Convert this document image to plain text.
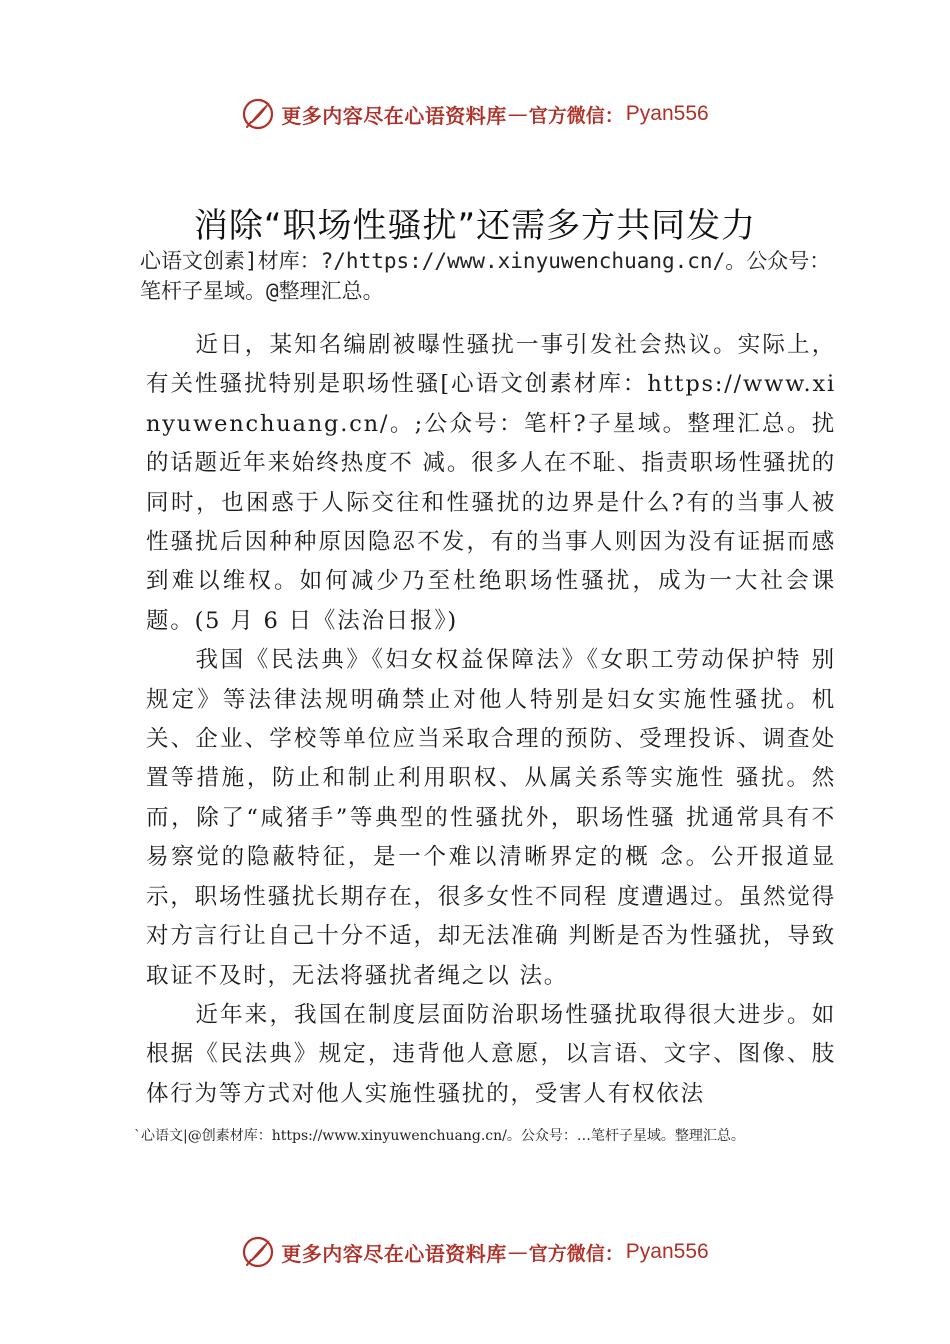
更多内容尽在心语资料库 — 官方微信： Pyan556
消除“职场性骚扰”还需多方共同发力
心语文创素]材库：?/https://www.xinyuwenchuang.cn/。公众号：笔杆子星域。@整理汇总。

近日，某知名编剧被曝性骚扰一事引发社会热议。实际上，有关性骚扰特别是职场性骚[心语文创素材库：https://www.xinyuwenchuang.cn/。;公众号：笔杆?子星域。整理汇总。扰的话题近年来始终热度不 减。很多人在不耻、指责职场性骚扰的同时，也困惑于人际交往和性骚扰的边界是什么?有的当事人被性骚扰后因种种原因隐忍不发，有的当事人则因为没有证据而感到难以维权。如何减少乃至杜绝职场性骚扰，成为一大社会课题。(5 月 6 日《法治日报》)

我国《民法典》《妇女权益保障法》《女职工劳动保护特 别规定》等法律法规明确禁止对他人特别是妇女实施性骚扰。机关、企业、学校等单位应当采取合理的预防、受理投诉、调查处置等措施，防止和制止利用职权、从属关系等实施性 骚扰。然而，除了“咸猪手”等典型的性骚扰外，职场性骚 扰通常具有不易察觉的隐蔽特征，是一个难以清晰界定的概 念。公开报道显示，职场性骚扰长期存在，很多女性不同程 度遭遇过。虽然觉得对方言行让自己十分不适，却无法准确 判断是否为性骚扰，导致取证不及时，无法将骚扰者绳之以 法。

近年来，我国在制度层面防治职场性骚扰取得很大进步。如根据《民法典》规定，违背他人意愿，以言语、文字、图像、肢体行为等方式对他人实施性骚扰的，受害人有权依法

`心语文|@创素材库：https://www.xinyuwenchuang.cn/。公众号：…笔杆子星域。整理汇总。
更多内容尽在心语资料库 — 官方微信： Pyan556
